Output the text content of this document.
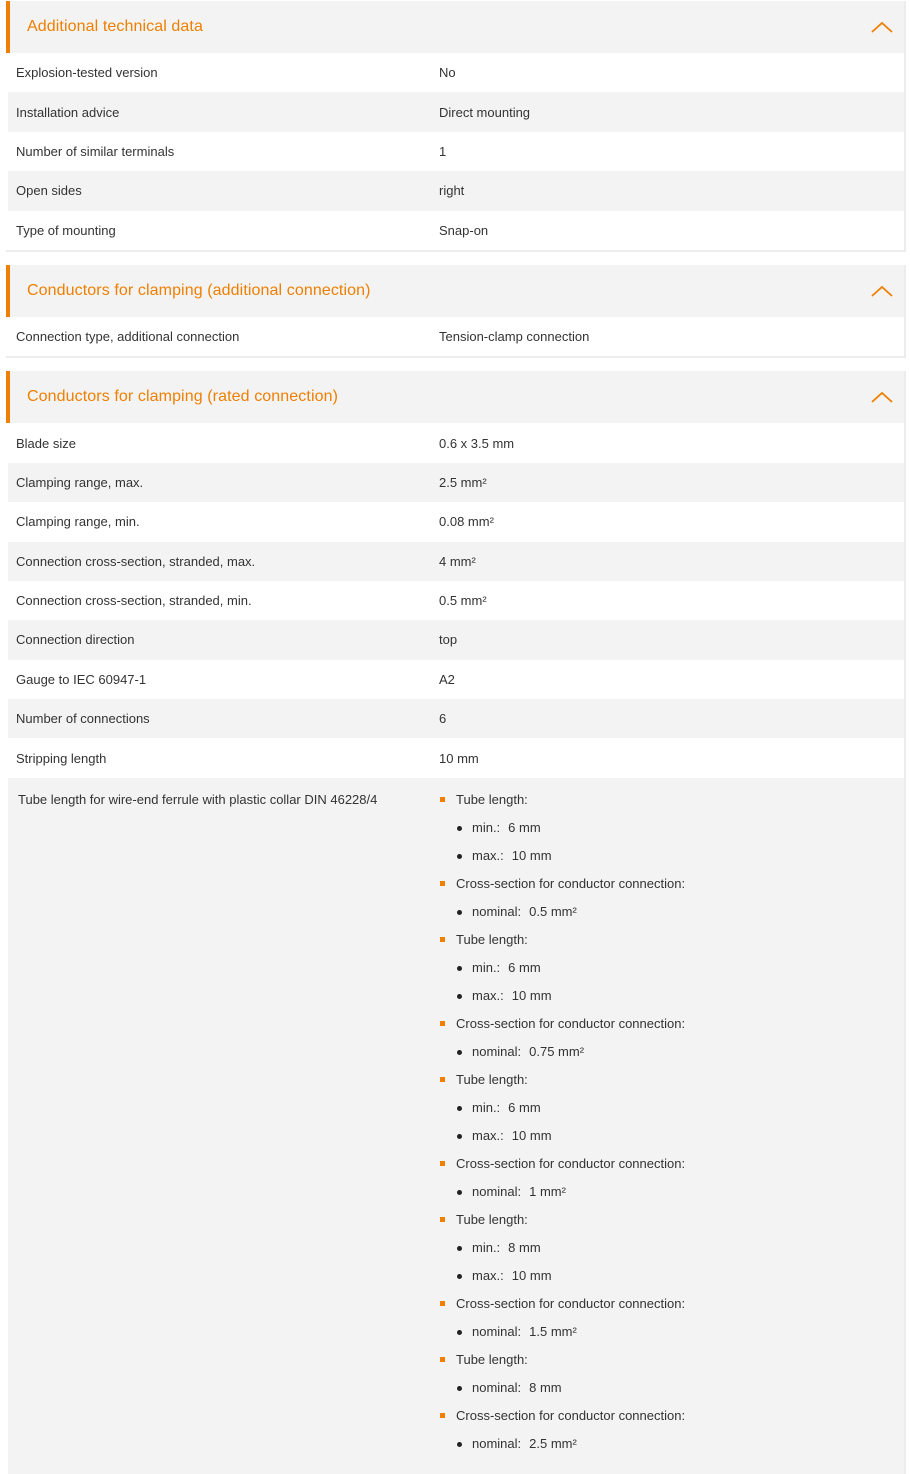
Additional technical data
Explosion-tested version	No
Installation advice	Direct mounting
Number of similar terminals	1
Open sides	right
Type of mounting	Snap-on
Conductors for clamping (additional connection)
Connection type, additional connection	Tension-clamp connection
Conductors for clamping (rated connection)
Blade size	0.6 x 3.5 mm
Clamping range, max.	2.5 mm²
Clamping range, min.	0.08 mm²
Connection cross-section, stranded, max.	4 mm²
Connection cross-section, stranded, min.	0.5 mm²
Connection direction	top
Gauge to IEC 60947-1	A2
Number of connections	6
Stripping length	10 mm
Tube length for wire-end ferrule with plastic collar DIN 46228/4	Tube length:
min.: 6 mm
max.: 10 mm
Cross-section for conductor connection:
nominal: 0.5 mm²
Tube length:
min.: 6 mm
max.: 10 mm
Cross-section for conductor connection:
nominal: 0.75 mm²
Tube length:
min.: 6 mm
max.: 10 mm
Cross-section for conductor connection:
nominal: 1 mm²
Tube length:
min.: 8 mm
max.: 10 mm
Cross-section for conductor connection:
nominal: 1.5 mm²
Tube length:
nominal: 8 mm
Cross-section for conductor connection:
nominal: 2.5 mm²
